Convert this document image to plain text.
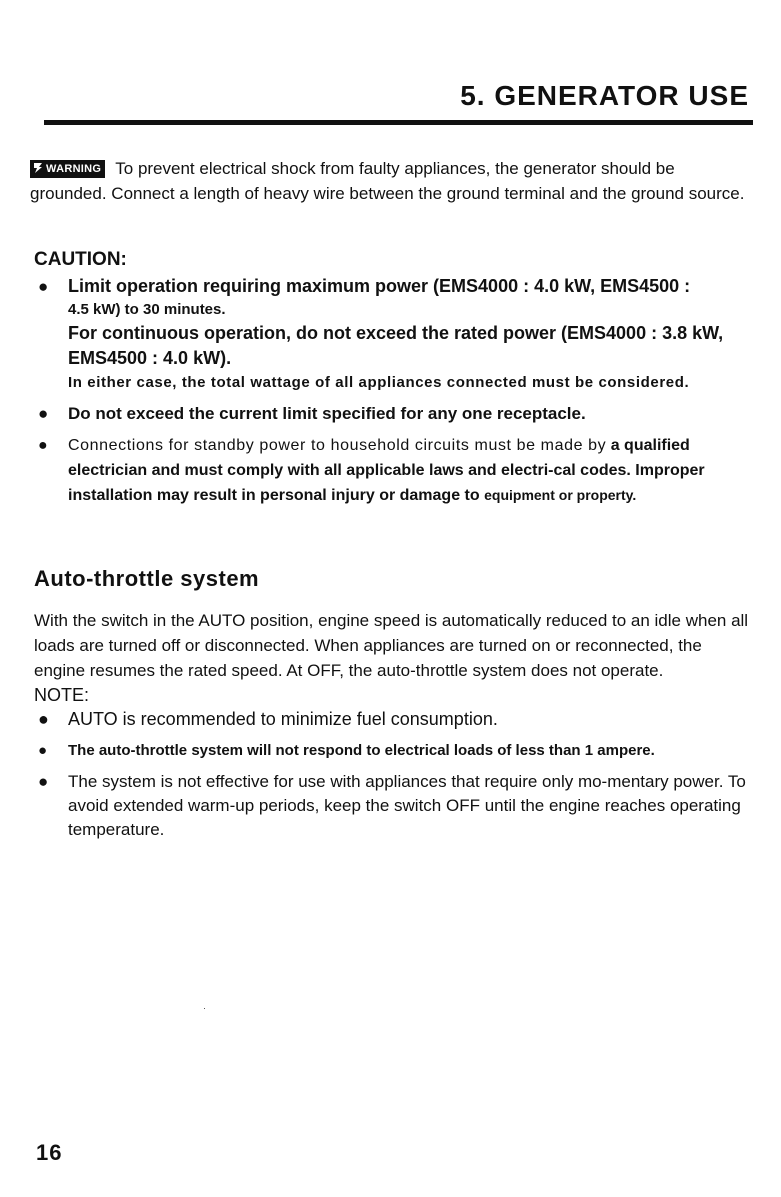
5. GENERATOR USE
WARNING To prevent electrical shock from faulty appliances, the generator should be grounded. Connect a length of heavy wire between the ground terminal and the ground source.
CAUTION:
●	Limit operation requiring maximum power (EMS4000 : 4.0 kW, EMS4500 :
4.5 kW) to 30 minutes.
For continuous operation, do not exceed the rated power (EMS4000 : 3.8 kW, EMS4500 : 4.0 kW).
In either case, the total wattage of all appliances connected must be considered.
●	Do not exceed the current limit specified for any one receptacle.
●	Connections for standby power to household circuits must be made by a qualified electrician and must comply with all applicable laws and electri-cal codes. Improper installation may result in personal injury or damage to equipment or property.
Auto-throttle system

With the switch in the AUTO position, engine speed is automatically reduced to an idle when all loads are turned off or disconnected. When appliances are turned on or reconnected, the engine resumes the rated speed. At OFF, the auto-throttle system does not operate.

NOTE:
●	AUTO is recommended to minimize fuel consumption.
●	The auto-throttle system will not respond to electrical loads of less than 1 ampere.
●	The system is not effective for use with appliances that require only mo-mentary power. To avoid extended warm-up periods, keep the switch OFF until the engine reaches operating temperature.
16
